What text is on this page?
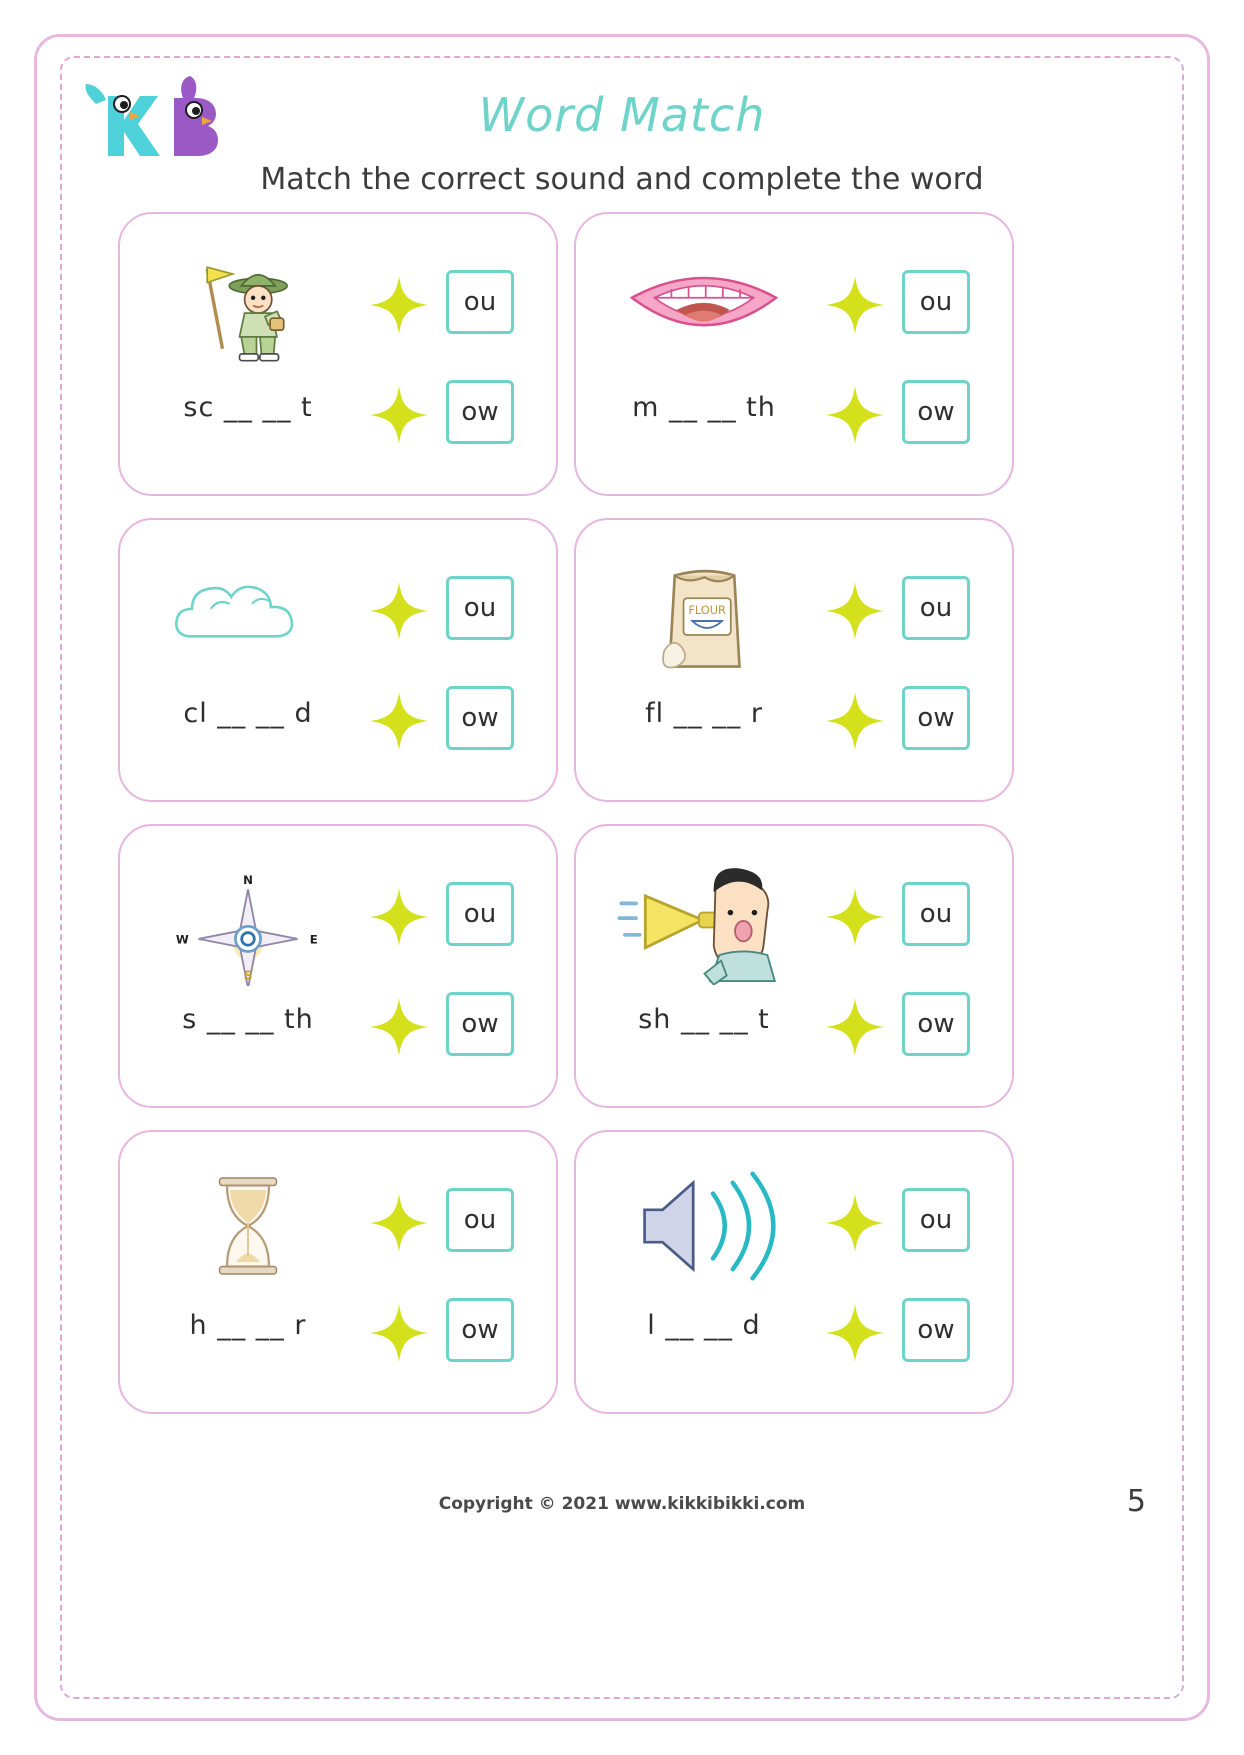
Word Match
Match the correct sound and complete the word
sc __ __ t
ou
ow	m __ __ th
ou
ow
cl __ __ d
ou
ow
FLOUR
fl __ __ r
ou
ow
N
E
S
W
s __ __ th
ou
ow	sh __ __ t
ou
ow
h __ __ r
ou
ow	l __ __ d
ou
ow
Copyright © 2021 www.kikkibikki.com	5
